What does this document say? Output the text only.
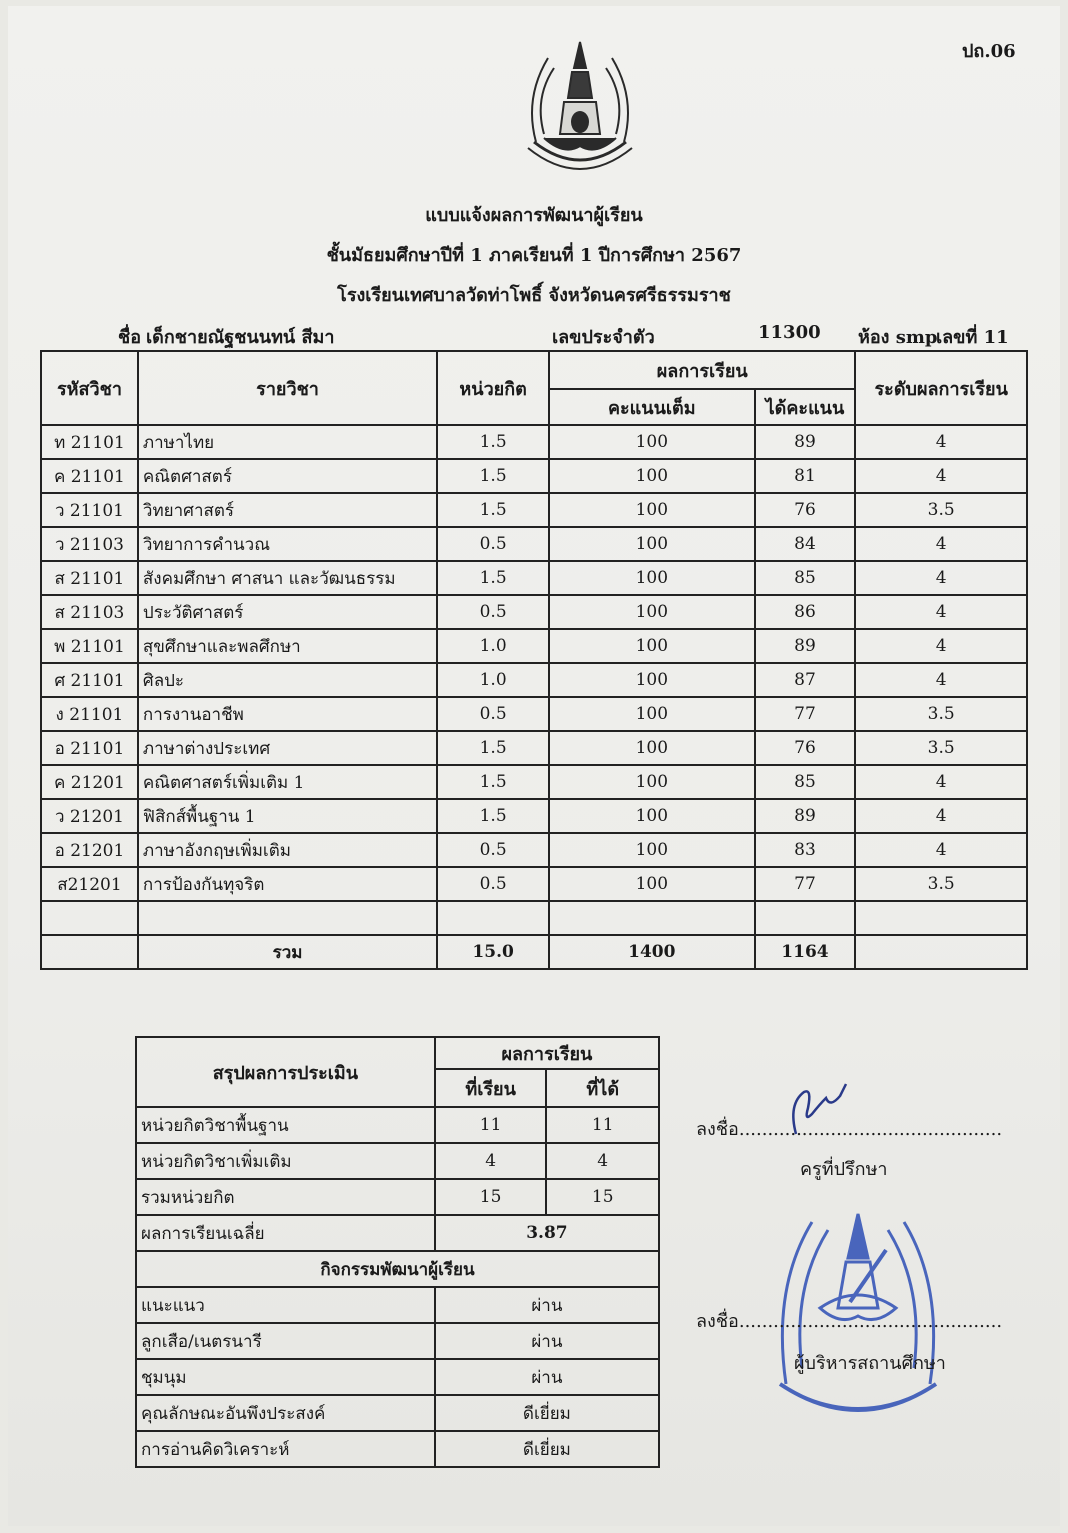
ปถ.06
แบบแจ้งผลการพัฒนาผู้เรียน
ชั้นมัธยมศึกษาปีที่ 1 ภาคเรียนที่ 1 ปีการศึกษา 2567
โรงเรียนเทศบาลวัดท่าโพธิ์ จังหวัดนครศรีธรรมราช
ชื่อ เด็กชายณัฐชนนทน์ สีมา	เลขประจำตัว	11300 ห้อง smp
เลขที่ 11
รหัสวิชา	รายวิชา	หน่วยกิต	ผลการเรียน		ระดับผลการเรียน
			คะแนนเต็ม	ได้คะแนน	
ท 21101	ภาษาไทย	1.5	100	89	4
ค 21101	คณิตศาสตร์	1.5	100	81	4
ว 21101	วิทยาศาสตร์	1.5	100	76	3.5
ว 21103	วิทยาการคำนวณ	0.5	100	84	4
ส 21101	สังคมศึกษา ศาสนา และวัฒนธรรม	1.5	100	85	4
ส 21103	ประวัติศาสตร์	0.5	100	86	4
พ 21101	สุขศึกษาและพลศึกษา	1.0	100	89	4
ศ 21101	ศิลปะ	1.0	100	87	4
ง 21101	การงานอาชีพ	0.5	100	77	3.5
อ 21101	ภาษาต่างประเทศ	1.5	100	76	3.5
ค 21201	คณิตศาสตร์เพิ่มเติม 1	1.5	100	85	4
ว 21201	ฟิสิกส์พื้นฐาน 1	1.5	100	89	4
อ 21201	ภาษาอังกฤษเพิ่มเติม	0.5	100	83	4
ส21201	การป้องกันทุจริต	0.5	100	77	3.5

	รวม	15.0	1400	1164	
สรุปผลการประเมิน	ผลการเรียน	
	ที่เรียน	ที่ได้
หน่วยกิตวิชาพื้นฐาน	11	11
หน่วยกิตวิชาเพิ่มเติม	4	4
รวมหน่วยกิต	15	15
ผลการเรียนเฉลี่ย	3.87	
กิจกรรมพัฒนาผู้เรียน		
แนะแนว	ผ่าน	
ลูกเสือ/เนตรนารี	ผ่าน	
ชุมนุม	ผ่าน	
คุณลักษณะอันพึงประสงค์	ดีเยี่ยม	
การอ่านคิดวิเคราะห์	ดีเยี่ยม	
ลงชื่อ..............................................
ครูที่ปรึกษา
ลงชื่อ..............................................
ผู้บริหารสถานศึกษา
